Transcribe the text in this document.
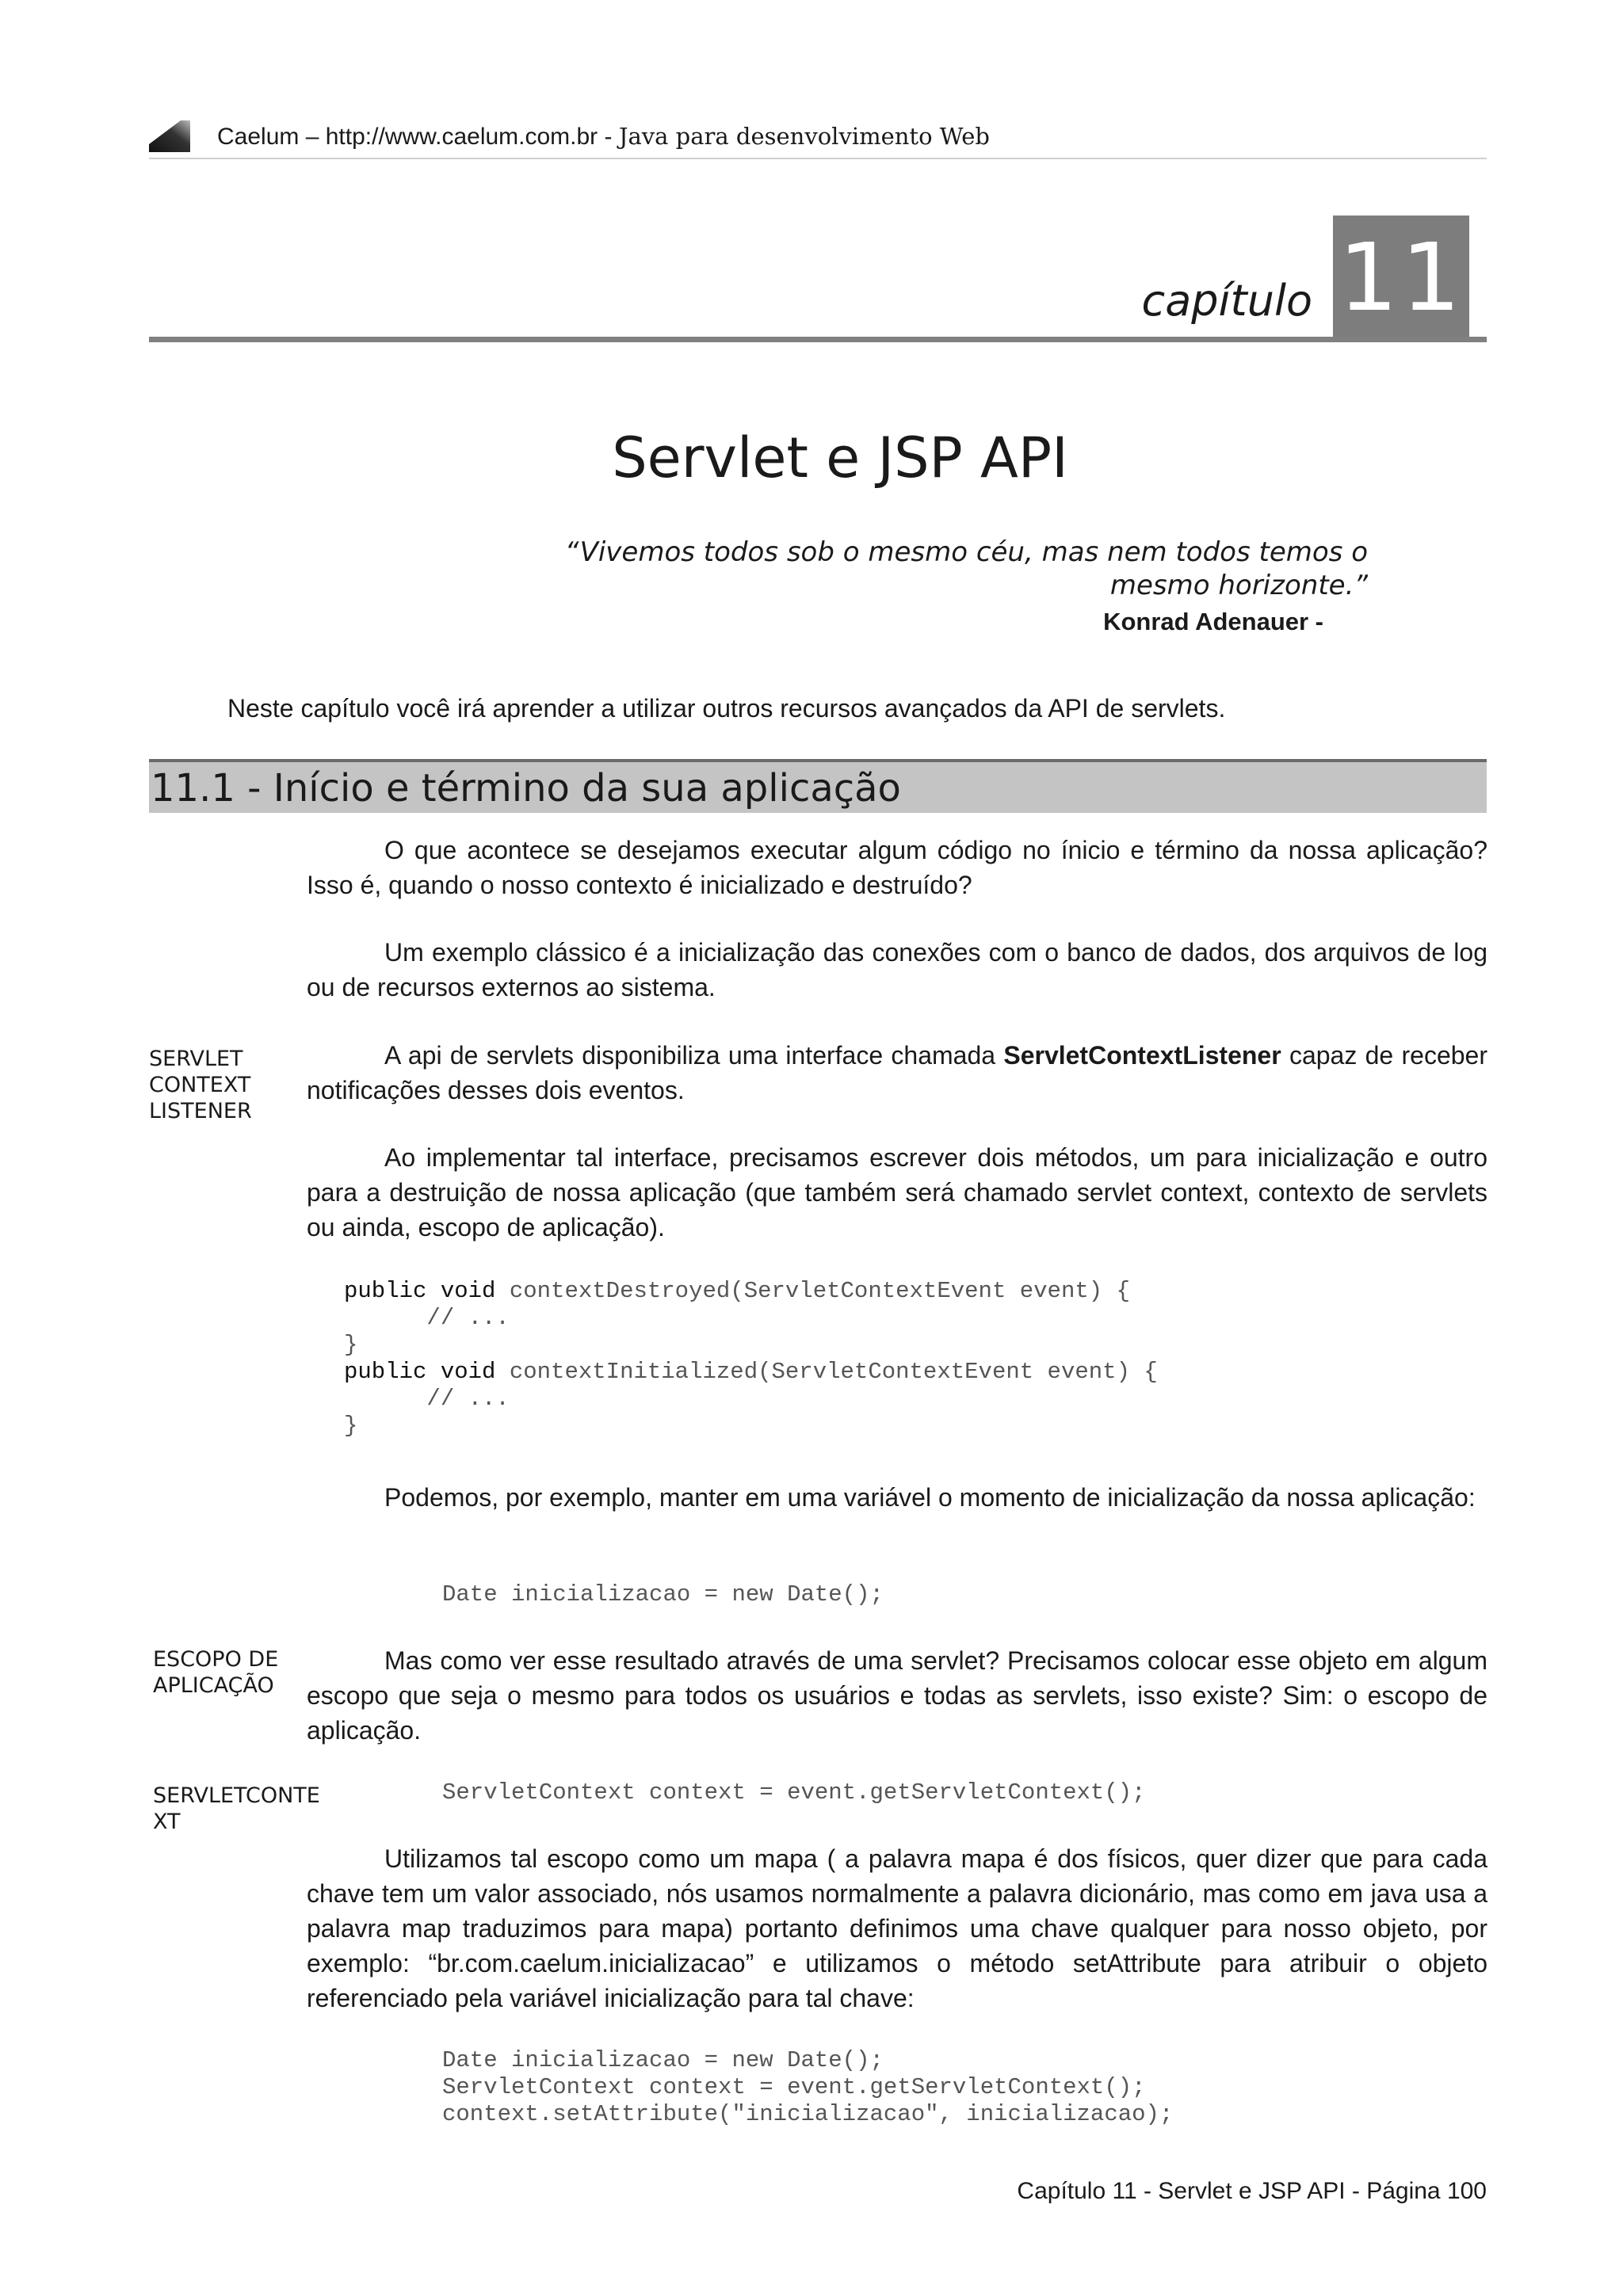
Caelum – http://www.caelum.com.br - Java para desenvolvimento Web
capítulo 11
Servlet e JSP API
“Vivemos todos sob o mesmo céu, mas nem todos temos o
mesmo horizonte.”
Konrad Adenauer -
Neste capítulo você irá aprender a utilizar outros recursos avançados da API de servlets.
11.1 - Início e término da sua aplicação
O que acontece se desejamos executar algum código no ínicio e término da nossa aplicação? Isso é, quando o nosso contexto é inicializado e destruído?
Um exemplo clássico é a inicialização das conexões com o banco de dados, dos arquivos de log ou de recursos externos ao sistema.
SERVLET
CONTEXT
LISTENER
A api de servlets disponibiliza uma interface chamada ServletContextListener capaz de receber notificações desses dois eventos.
Ao implementar tal interface, precisamos escrever dois métodos, um para inicialização e outro para a destruição de nossa aplicação (que também será chamado servlet context, contexto de servlets ou ainda, escopo de aplicação).
public void contextDestroyed(ServletContextEvent event) {
// ...
}
public void contextInitialized(ServletContextEvent event) {
// ...
}
Podemos, por exemplo, manter em uma variável o momento de inicialização da nossa aplicação:
Date inicializacao = new Date();
ESCOPO DE
APLICAÇÃO
Mas como ver esse resultado através de uma servlet? Precisamos colocar esse objeto em algum escopo que seja o mesmo para todos os usuários e todas as servlets, isso existe? Sim: o escopo de aplicação.
SERVLETCONTE
XT
ServletContext context = event.getServletContext();
Utilizamos tal escopo como um mapa ( a palavra mapa é dos físicos, quer dizer que para cada chave tem um valor associado, nós usamos normalmente a palavra dicionário, mas como em java usa a palavra map traduzimos para mapa) portanto definimos uma chave qualquer para nosso objeto, por exemplo: “br.com.caelum.inicializacao” e utilizamos o método setAttribute para atribuir o objeto referenciado pela variável inicialização para tal chave:
Date inicializacao = new Date();
ServletContext context = event.getServletContext();
context.setAttribute("inicializacao", inicializacao);
Capítulo 11 - Servlet e JSP API - Página 100
